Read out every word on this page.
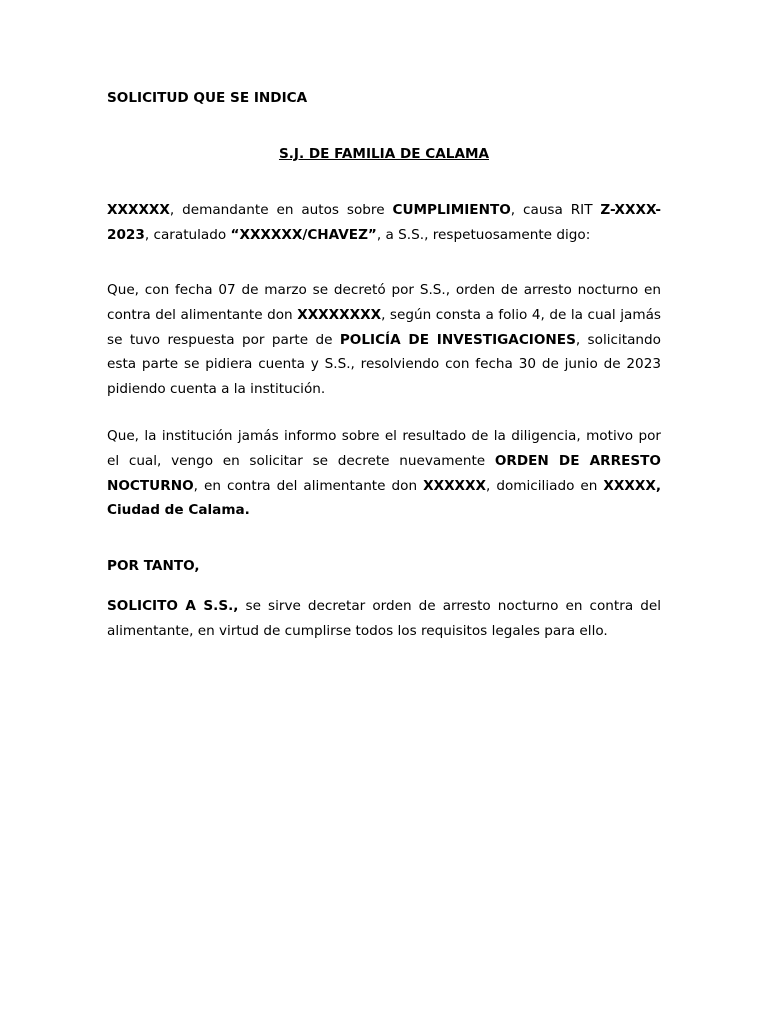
SOLICITUD QUE SE INDICA

S.J. DE FAMILIA DE CALAMA

XXXXXX, demandante en autos sobre CUMPLIMIENTO, causa RIT Z-XXXX-2023, caratulado “XXXXXX/CHAVEZ”, a S.S., respetuosamente digo:

Que, con fecha 07 de marzo se decretó por S.S., orden de arresto nocturno en contra del alimentante don XXXXXXXX, según consta a folio 4, de la cual jamás se tuvo respuesta por parte de POLICÍA DE INVESTIGACIONES, solicitando esta parte se pidiera cuenta y S.S., resolviendo con fecha 30 de junio de 2023 pidiendo cuenta a la institución.

Que, la institución jamás informo sobre el resultado de la diligencia, motivo por el cual, vengo en solicitar se decrete nuevamente ORDEN DE ARRESTO NOCTURNO, en contra del alimentante don XXXXXX, domiciliado en XXXXX, Ciudad de Calama.

POR TANTO,

SOLICITO A S.S., se sirve decretar orden de arresto nocturno en contra del alimentante, en virtud de cumplirse todos los requisitos legales para ello.
